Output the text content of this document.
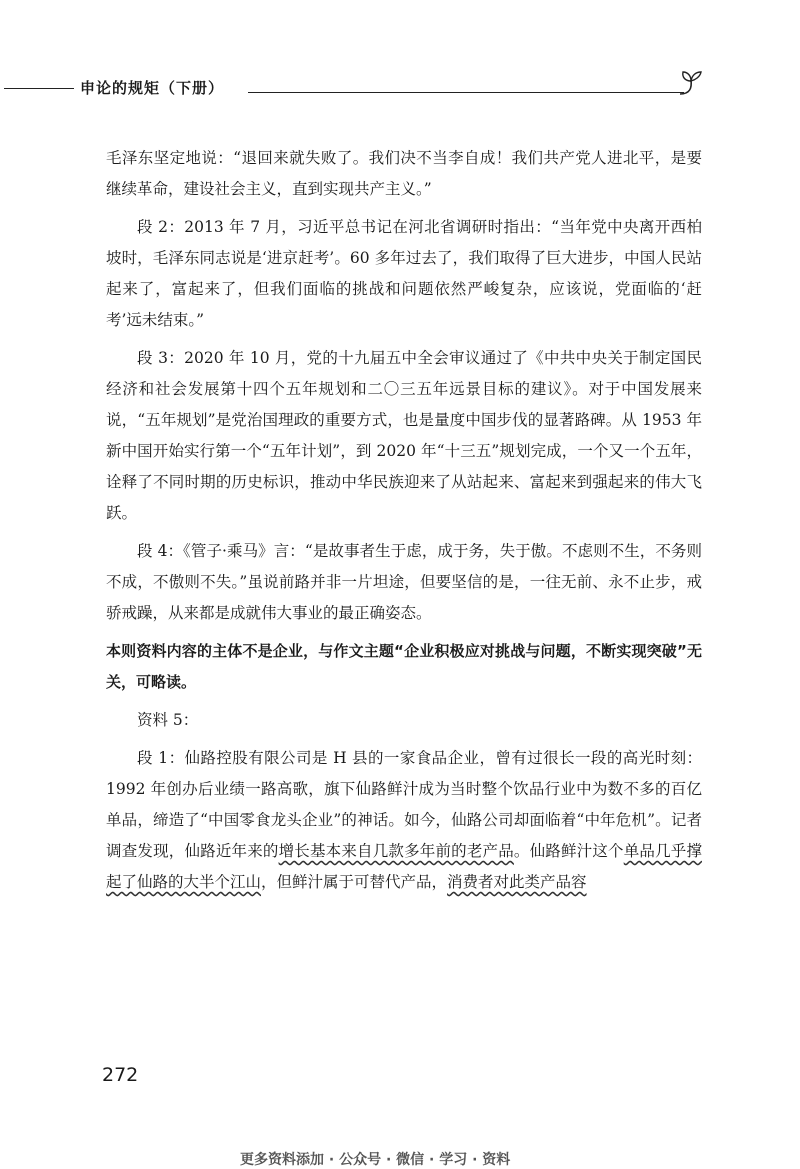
申论的规矩（下册）

毛泽东坚定地说：“退回来就失败了。我们决不当李自成！我们共产党人进北平，是要继续革命，建设社会主义，直到实现共产主义。”

段 2：2013 年 7 月，习近平总书记在河北省调研时指出：“当年党中央离开西柏坡时，毛泽东同志说是‘进京赶考’。60 多年过去了，我们取得了巨大进步，中国人民站起来了，富起来了，但我们面临的挑战和问题依然严峻复杂，应该说，党面临的‘赶考’远未结束。”

段 3：2020 年 10 月，党的十九届五中全会审议通过了《中共中央关于制定国民经济和社会发展第十四个五年规划和二〇三五年远景目标的建议》。对于中国发展来说，“五年规划”是党治国理政的重要方式，也是量度中国步伐的显著路碑。从 1953 年新中国开始实行第一个“五年计划”，到 2020 年“十三五”规划完成，一个又一个五年，诠释了不同时期的历史标识，推动中华民族迎来了从站起来、富起来到强起来的伟大飞跃。

段 4：《管子·乘马》言：“是故事者生于虑，成于务，失于傲。不虑则不生，不务则不成，不傲则不失。”虽说前路并非一片坦途，但要坚信的是，一往无前、永不止步，戒骄戒躁，从来都是成就伟大事业的最正确姿态。

本则资料内容的主体不是企业，与作文主题“企业积极应对挑战与问题，不断实现突破”无关，可略读。

资料 5：

段 1：仙路控股有限公司是 H 县的一家食品企业，曾有过很长一段的高光时刻：1992 年创办后业绩一路高歌，旗下仙路鲜汁成为当时整个饮品行业中为数不多的百亿单品，缔造了“中国零食龙头企业”的神话。如今，仙路公司却面临着“中年危机”。记者调查发现，仙路近年来的增长基本来自几款多年前的老产品。仙路鲜汁这个单品几乎撑起了仙路的大半个江山，但鲜汁属于可替代产品，消费者对此类产品容

272
更多资料添加 · 公众号 · 微信 · 学习 · 资料
